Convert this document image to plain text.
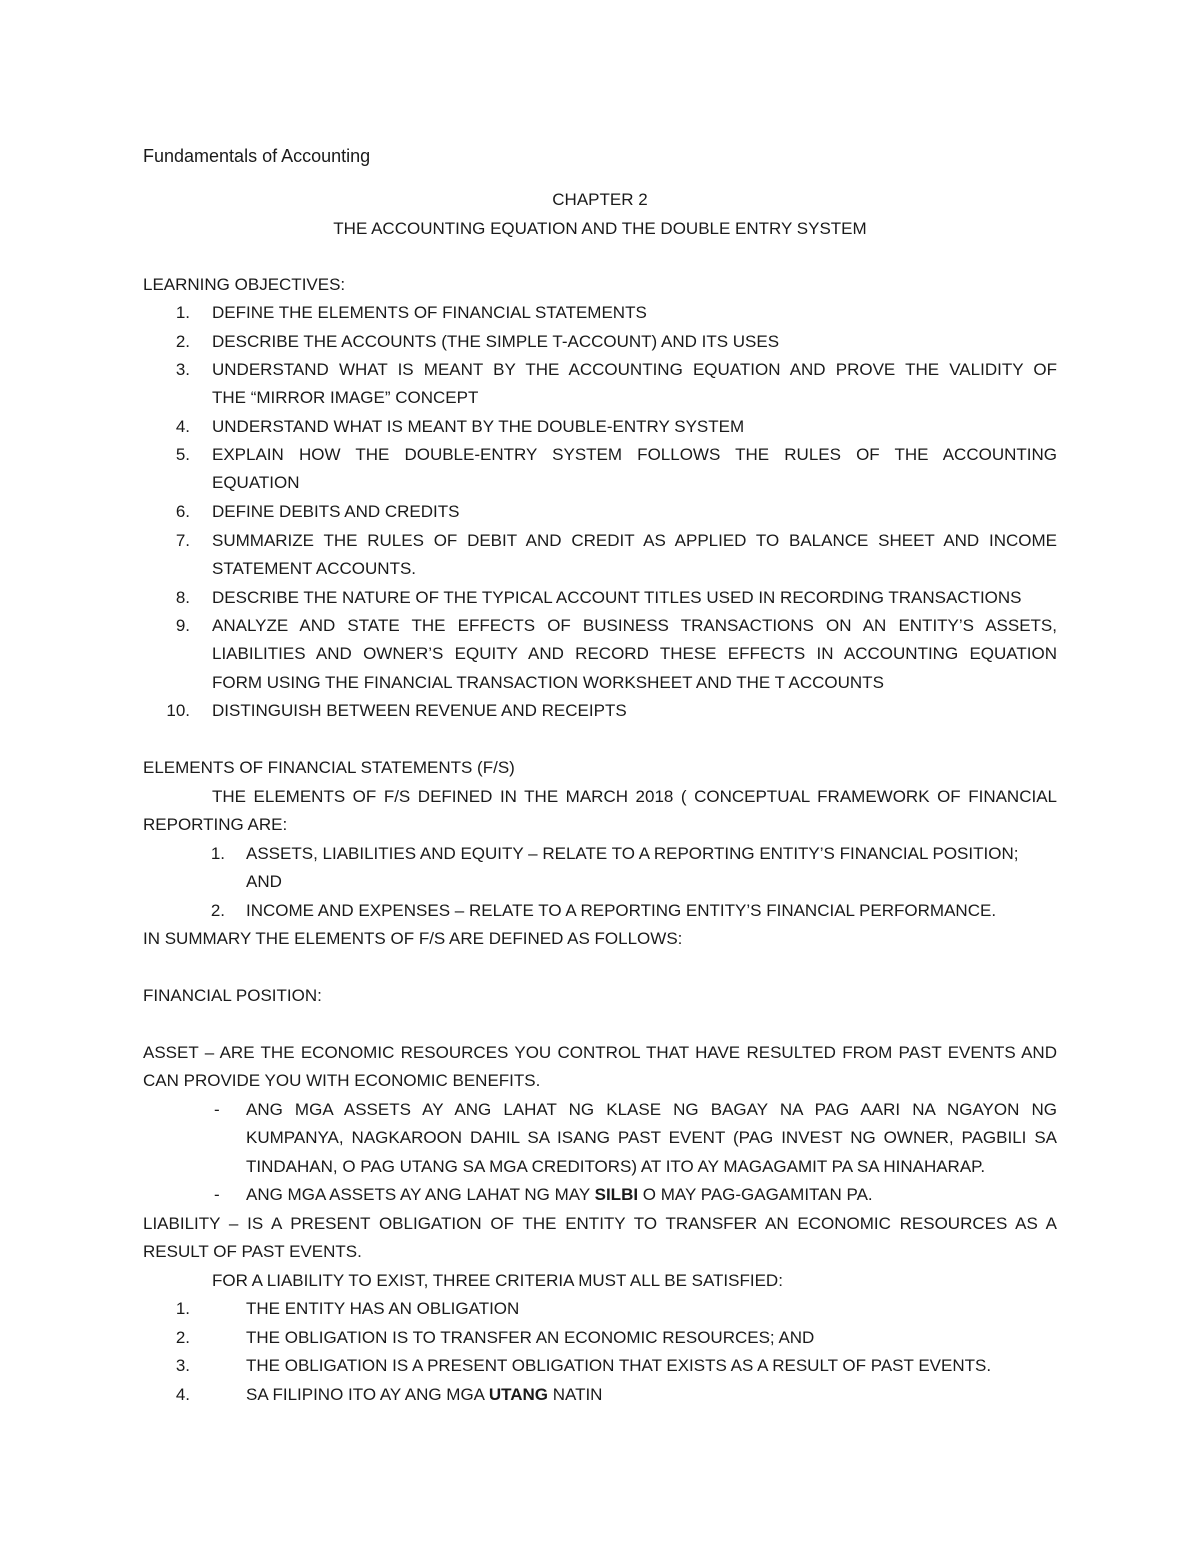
Fundamentals of Accounting
CHAPTER 2
THE ACCOUNTING EQUATION AND THE DOUBLE ENTRY SYSTEM
LEARNING OBJECTIVES:
1. DEFINE THE ELEMENTS OF FINANCIAL STATEMENTS
2. DESCRIBE THE ACCOUNTS (THE SIMPLE T-ACCOUNT) AND ITS USES
3. UNDERSTAND WHAT IS MEANT BY THE ACCOUNTING EQUATION AND PROVE THE VALIDITY OF
THE “MIRROR IMAGE” CONCEPT
4. UNDERSTAND WHAT IS MEANT BY THE DOUBLE-ENTRY SYSTEM
5. EXPLAIN HOW THE DOUBLE-ENTRY SYSTEM FOLLOWS THE RULES OF THE ACCOUNTING
EQUATION
6. DEFINE DEBITS AND CREDITS
7. SUMMARIZE THE RULES OF DEBIT AND CREDIT AS APPLIED TO BALANCE SHEET AND INCOME
STATEMENT ACCOUNTS.
8. DESCRIBE THE NATURE OF THE TYPICAL ACCOUNT TITLES USED IN RECORDING TRANSACTIONS
9. ANALYZE AND STATE THE EFFECTS OF BUSINESS TRANSACTIONS ON AN ENTITY’S ASSETS,
LIABILITIES AND OWNER’S EQUITY AND RECORD THESE EFFECTS IN ACCOUNTING EQUATION
FORM USING THE FINANCIAL TRANSACTION WORKSHEET AND THE T ACCOUNTS
10. DISTINGUISH BETWEEN REVENUE AND RECEIPTS
ELEMENTS OF FINANCIAL STATEMENTS (F/S)
THE ELEMENTS OF F/S DEFINED IN THE MARCH 2018 ( CONCEPTUAL FRAMEWORK OF FINANCIAL
REPORTING ARE:
1. ASSETS, LIABILITIES AND EQUITY – RELATE TO A REPORTING ENTITY’S FINANCIAL POSITION;
AND
2. INCOME AND EXPENSES – RELATE TO A REPORTING ENTITY’S FINANCIAL PERFORMANCE.
IN SUMMARY THE ELEMENTS OF F/S ARE DEFINED AS FOLLOWS:
FINANCIAL POSITION:
ASSET – ARE THE ECONOMIC RESOURCES YOU CONTROL THAT HAVE RESULTED FROM PAST EVENTS AND
CAN PROVIDE YOU WITH ECONOMIC BENEFITS.
- ANG MGA ASSETS AY ANG LAHAT NG KLASE NG BAGAY NA PAG AARI NA NGAYON NG
KUMPANYA, NAGKAROON DAHIL SA ISANG PAST EVENT (PAG INVEST NG OWNER, PAGBILI SA
TINDAHAN, O PAG UTANG SA MGA CREDITORS) AT ITO AY MAGAGAMIT PA SA HINAHARAP.
- ANG MGA ASSETS AY ANG LAHAT NG MAY SILBI O MAY PAG-GAGAMITAN PA.
LIABILITY – IS A PRESENT OBLIGATION OF THE ENTITY TO TRANSFER AN ECONOMIC RESOURCES AS A
RESULT OF PAST EVENTS.
FOR A LIABILITY TO EXIST, THREE CRITERIA MUST ALL BE SATISFIED:
1.	THE ENTITY HAS AN OBLIGATION
2.	THE OBLIGATION IS TO TRANSFER AN ECONOMIC RESOURCES; AND
3.	THE OBLIGATION IS A PRESENT OBLIGATION THAT EXISTS AS A RESULT OF PAST EVENTS.
4.	SA FILIPINO ITO AY ANG MGA UTANG NATIN
